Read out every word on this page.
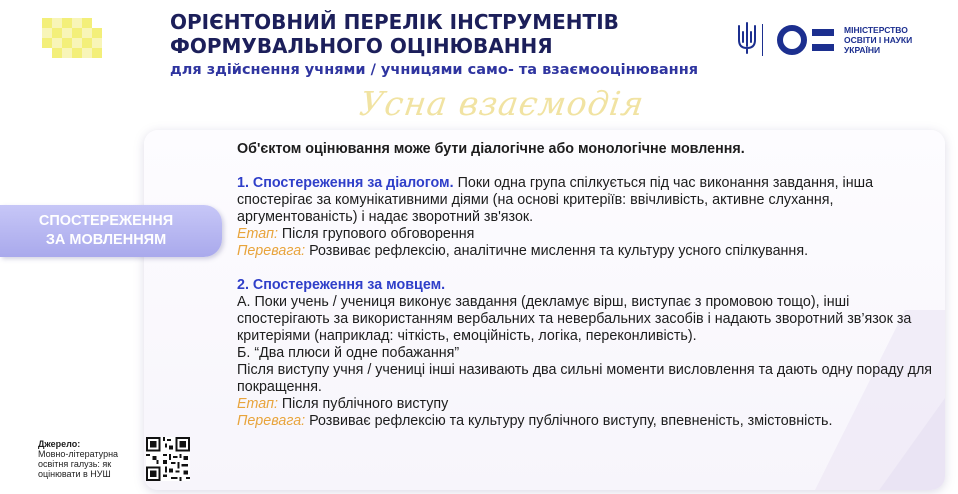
ОРІЄНТОВНИЙ ПЕРЕЛІК ІНСТРУМЕНТІВ ФОРМУВАЛЬНОГО ОЦІНЮВАННЯ
для здійснення учнями / учницями само- та взаємооцінювання
МІНІСТЕРСТВО
ОСВІТИ І НАУКИ
УКРАЇНИ
Усна взаємодія
СПОСТЕРЕЖЕННЯ
ЗА МОВЛЕННЯМ

Об'єктом оцінювання може бути діалогічне або монологічне мовлення.

1. Спостереження за діалогом. Поки одна група спілкується під час виконання завдання, інша спостерігає за комунікативними діями (на основі критеріїв: ввічливість, активне слухання, аргументованість) і надає зворотний зв'язок.

Етап: Після групового обговорення

Перевага: Розвиває рефлексію, аналітичне мислення та культуру усного спілкування.

2. Спостереження за мовцем.

А. Поки учень / учениця виконує завдання (декламує вірш, виступає з промовою тощо), інші спостерігають за використанням вербальних та невербальних засобів і надають зворотний зв’язок за критеріями (наприклад: чіткість, емоційність, логіка, переконливість).

Б. “Два плюси й одне побажання”

Після виступу учня / учениці інші називають два сильні моменти висловлення та дають одну пораду для покращення.

Етап: Після публічного виступу

Перевага: Розвиває рефлексію та культуру публічного виступу, впевненість, змістовність.

Джерело:
Мовно-літературна освітня галузь: як оцінювати в НУШ
